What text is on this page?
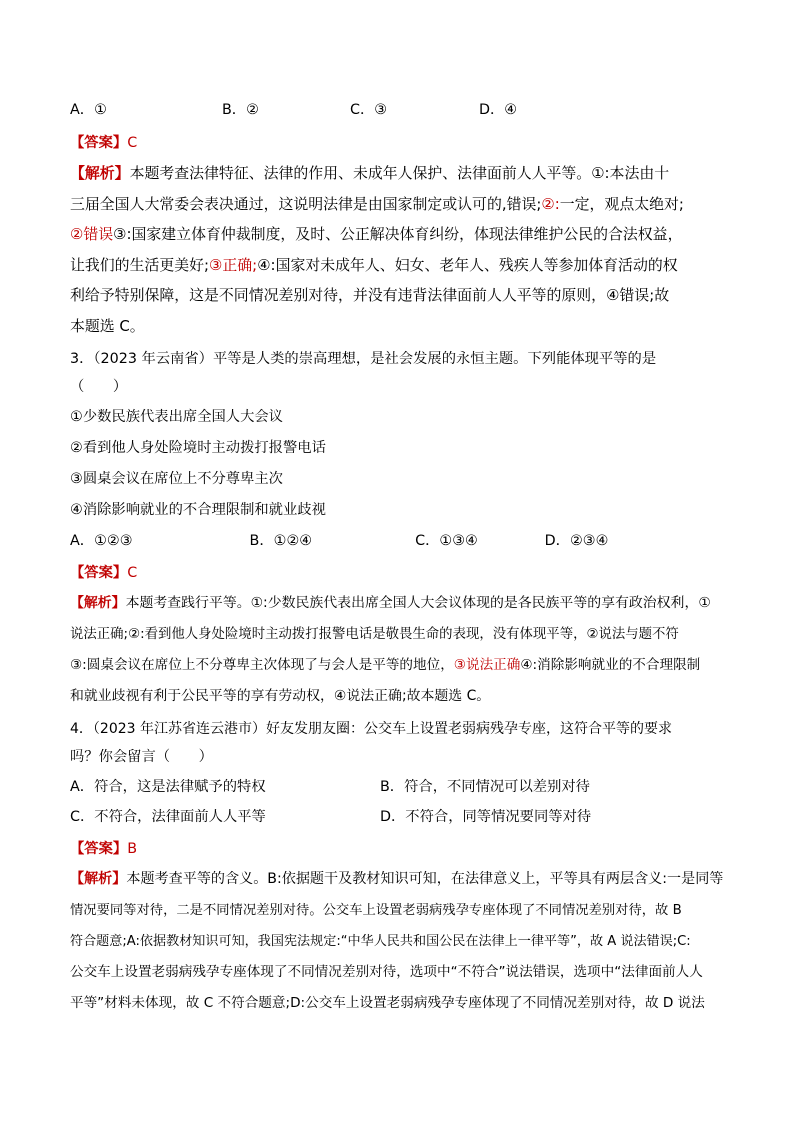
A．①	B．②	C．③	D．④
【答案】C
【解析】本题考查法律特征、法律的作用、未成年人保护、法律面前人人平等。①:本法由十
三届全国人大常委会表决通过，这说明法律是由国家制定或认可的,错误;②:一定，观点太绝对;
②错误③:国家建立体育仲裁制度，及时、公正解决体育纠纷，体现法律维护公民的合法权益，
让我们的生活更美好;③正确;④:国家对未成年人、妇女、老年人、残疾人等参加体育活动的权
利给予特别保障，这是不同情况差别对待，并没有违背法律面前人人平等的原则，④错误;故
本题选 C。
3．（2023 年云南省）平等是人类的崇高理想，是社会发展的永恒主题。下列能体现平等的是
（　　）
①少数民族代表出席全国人大会议
②看到他人身处险境时主动拨打报警电话
③圆桌会议在席位上不分尊卑主次
④消除影响就业的不合理限制和就业歧视
A．①②③	B．①②④	C．①③④	D．②③④
【答案】C
【解析】本题考查践行平等。①:少数民族代表出席全国人大会议体现的是各民族平等的享有政治权利，①
说法正确;②:看到他人身处险境时主动拨打报警电话是敬畏生命的表现，没有体现平等，②说法与题不符
③:圆桌会议在席位上不分尊卑主次体现了与会人是平等的地位，③说法正确④:消除影响就业的不合理限制
和就业歧视有利于公民平等的享有劳动权，④说法正确;故本题选 C。
4．（2023 年江苏省连云港市）好友发朋友圈：公交车上设置老弱病残孕专座，这符合平等的要求
吗？你会留言（　　）
A．符合，这是法律赋予的特权	B．符合，不同情况可以差别对待
C．不符合，法律面前人人平等	D．不符合，同等情况要同等对待
【答案】B
【解析】本题考查平等的含义。B:依据题干及教材知识可知，在法律意义上，平等具有两层含义:一是同等
情况要同等对待，二是不同情况差别对待。公交车上设置老弱病残孕专座体现了不同情况差别对待，故 B
符合题意;A:依据教材知识可知，我国宪法规定:“中华人民共和国公民在法律上一律平等”，故 A 说法错误;C:
公交车上设置老弱病残孕专座体现了不同情况差别对待，选项中“不符合”说法错误，选项中“法律面前人人
平等”材料未体现，故 C 不符合题意;D:公交车上设置老弱病残孕专座体现了不同情况差别对待，故 D 说法
